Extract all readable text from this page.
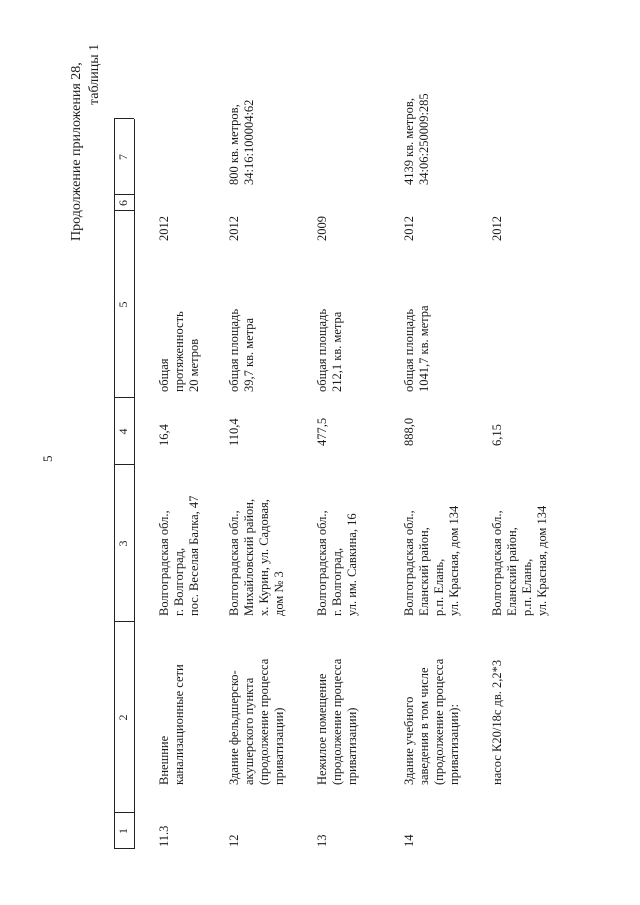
5
Продолжение приложения 28, таблицы 1
1
2
3
4
5
6
7
11.3
Внешние канализационные сети
Волгоградская обл., г. Волгоград, пос. Веселая Балка, 47
16,4
общая протяженность 20 метров
2012
12
Здание фельдшерско- акушерского пункта (продолжение процесса приватизации)
Волгоградская обл., Михайловский район, х. Курин, ул. Садовая, дом № 3
110,4
общая площадь 39,7 кв. метра
2012
800 кв. метров, 34:16:100004:62
13
Нежилое помещение (продолжение процесса приватизации)
Волгоградская обл., г. Волгоград, ул. им. Савкина, 16
477,5
общая площадь 212,1 кв. метра
2009
14
Здание учебного заведения в том числе (продолжение процесса приватизации):
Волгоградская обл., Еланский район, р.п. Елань, ул. Красная, дом 134
888,0
общая площадь 1041,7 кв. метра
2012
4139 кв. метров, 34:06:250009:285
насос К20/18с дв. 2,2*3
Волгоградская обл., Еланский район, р.п. Елань, ул. Красная, дом 134
6,15
2012
